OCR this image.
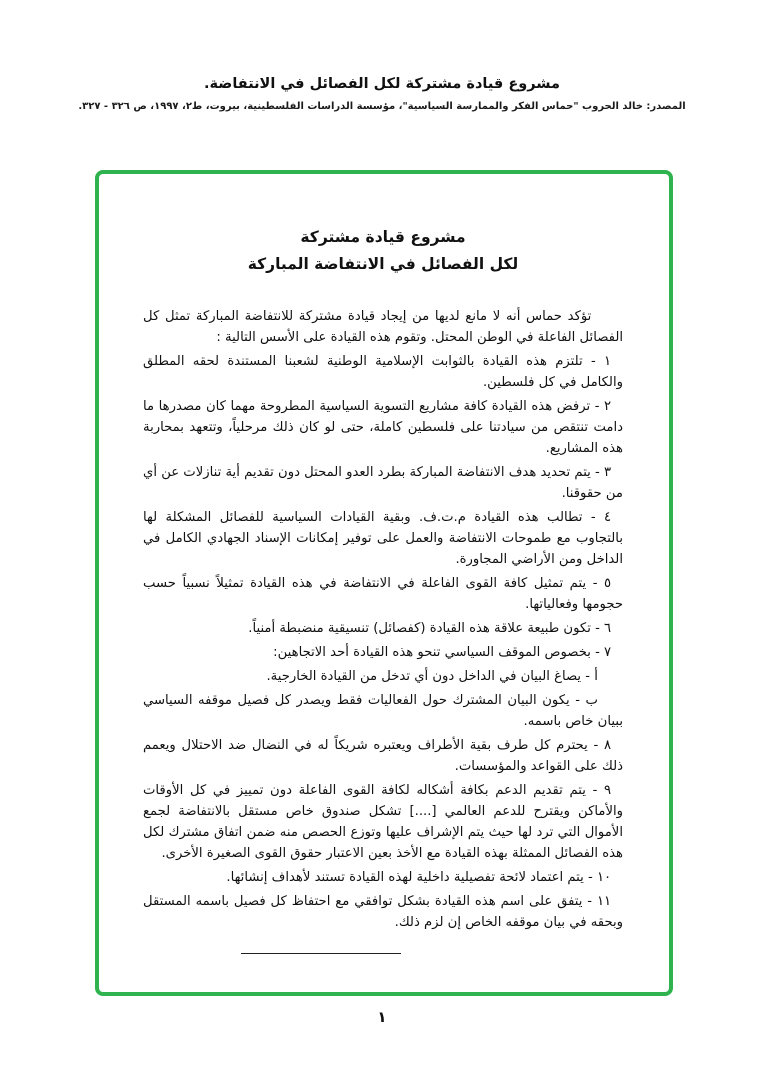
مشروع قيادة مشتركة لكل الفصائل في الانتفاضة.
المصدر: خالد الحروب "حماس الفكر والممارسة السياسية"، مؤسسة الدراسات الفلسطينية، بيروت، ط٢، ١٩٩٧، ص ٣٢٦ - ٣٢٧.
مشروع قيادة مشتركة
لكل الفصائل في الانتفاضة المباركة

تؤكد حماس أنه لا مانع لديها من إيجاد قيادة مشتركة للانتفاضة المباركة تمثل كل الفصائل الفاعلة في الوطن المحتل. وتقوم هذه القيادة على الأسس التالية :

١ - تلتزم هذه القيادة بالثوابت الإسلامية الوطنية لشعبنا المستندة لحقه المطلق والكامل في كل فلسطين.

٢ - ترفض هذه القيادة كافة مشاريع التسوية السياسية المطروحة مهما كان مصدرها ما دامت تنتقص من سيادتنا على فلسطين كاملة، حتى لو كان ذلك مرحلياً، وتتعهد بمحاربة هذه المشاريع.

٣ - يتم تحديد هدف الانتفاضة المباركة بطرد العدو المحتل دون تقديم أية تنازلات عن أي من حقوقنا.

٤ - تطالب هذه القيادة م.ت.ف. وبقية القيادات السياسية للفصائل المشكلة لها بالتجاوب مع طموحات الانتفاضة والعمل على توفير إمكانات الإسناد الجهادي الكامل في الداخل ومن الأراضي المجاورة.

٥ - يتم تمثيل كافة القوى الفاعلة في الانتفاضة في هذه القيادة تمثيلاً نسبياً حسب حجومها وفعالياتها.

٦ - تكون طبيعة علاقة هذه القيادة (كفصائل) تنسيقية منضبطة أمنياً.

٧ - بخصوص الموقف السياسي تنحو هذه القيادة أحد الاتجاهين:

أ - يصاغ البيان في الداخل دون أي تدخل من القيادة الخارجية.

ب - يكون البيان المشترك حول الفعاليات فقط ويصدر كل فصيل موقفه السياسي ببيان خاص باسمه.

٨ - يحترم كل طرف بقية الأطراف ويعتبره شريكاً له في النضال ضد الاحتلال ويعمم ذلك على القواعد والمؤسسات.

٩ - يتم تقديم الدعم بكافة أشكاله لكافة القوى الفاعلة دون تمييز في كل الأوقات والأماكن ويقترح للدعم العالمي [....] تشكل صندوق خاص مستقل بالانتفاضة لجمع الأموال التي ترد لها حيث يتم الإشراف عليها وتوزع الحصص منه ضمن اتفاق مشترك لكل هذه الفصائل الممثلة بهذه القيادة مع الأخذ بعين الاعتبار حقوق القوى الصغيرة الأخرى.

١٠ - يتم اعتماد لائحة تفصيلية داخلية لهذه القيادة تستند لأهداف إنشائها.

١١ - يتفق على اسم هذه القيادة بشكل توافقي مع احتفاظ كل فصيل باسمه المستقل وبحقه في بيان موقفه الخاص إن لزم ذلك.

١
